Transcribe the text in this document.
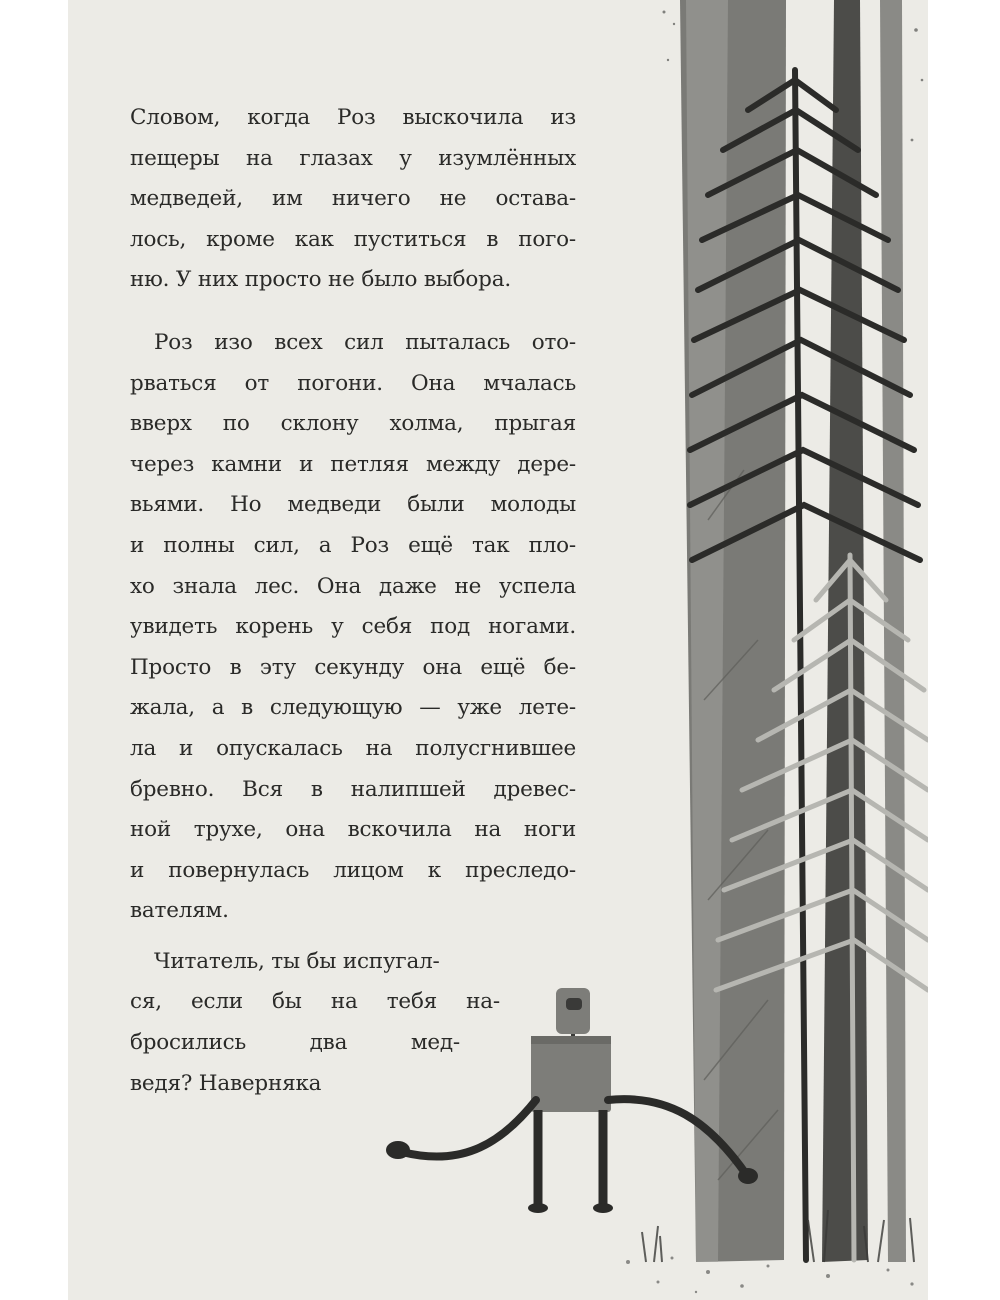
Словом, когда Роз выскочила из
пещеры на глазах у изумлённых
медведей, им ничего не остава-
лось, кроме как пуститься в пого-
ню. У них просто не было выбора.
Роз изо всех сил пыталась ото-
рваться от погони. Она мчалась
вверх по склону холма, прыгая
через камни и петляя между дере-
вьями. Но медведи были молоды
и полны сил, а Роз ещё так пло-
хо знала лес. Она даже не успела
увидеть корень у себя под ногами.
Просто в эту секунду она ещё бе-
жала, а в следующую — уже лете-
ла и опускалась на полусгнившее
бревно. Вся в налипшей древес-
ной трухе, она вскочила на ноги
и повернулась лицом к преследо-
вателям.
Читатель, ты бы испугал-
ся, если бы на тебя на-
бросились два мед-
ведя? Наверняка
